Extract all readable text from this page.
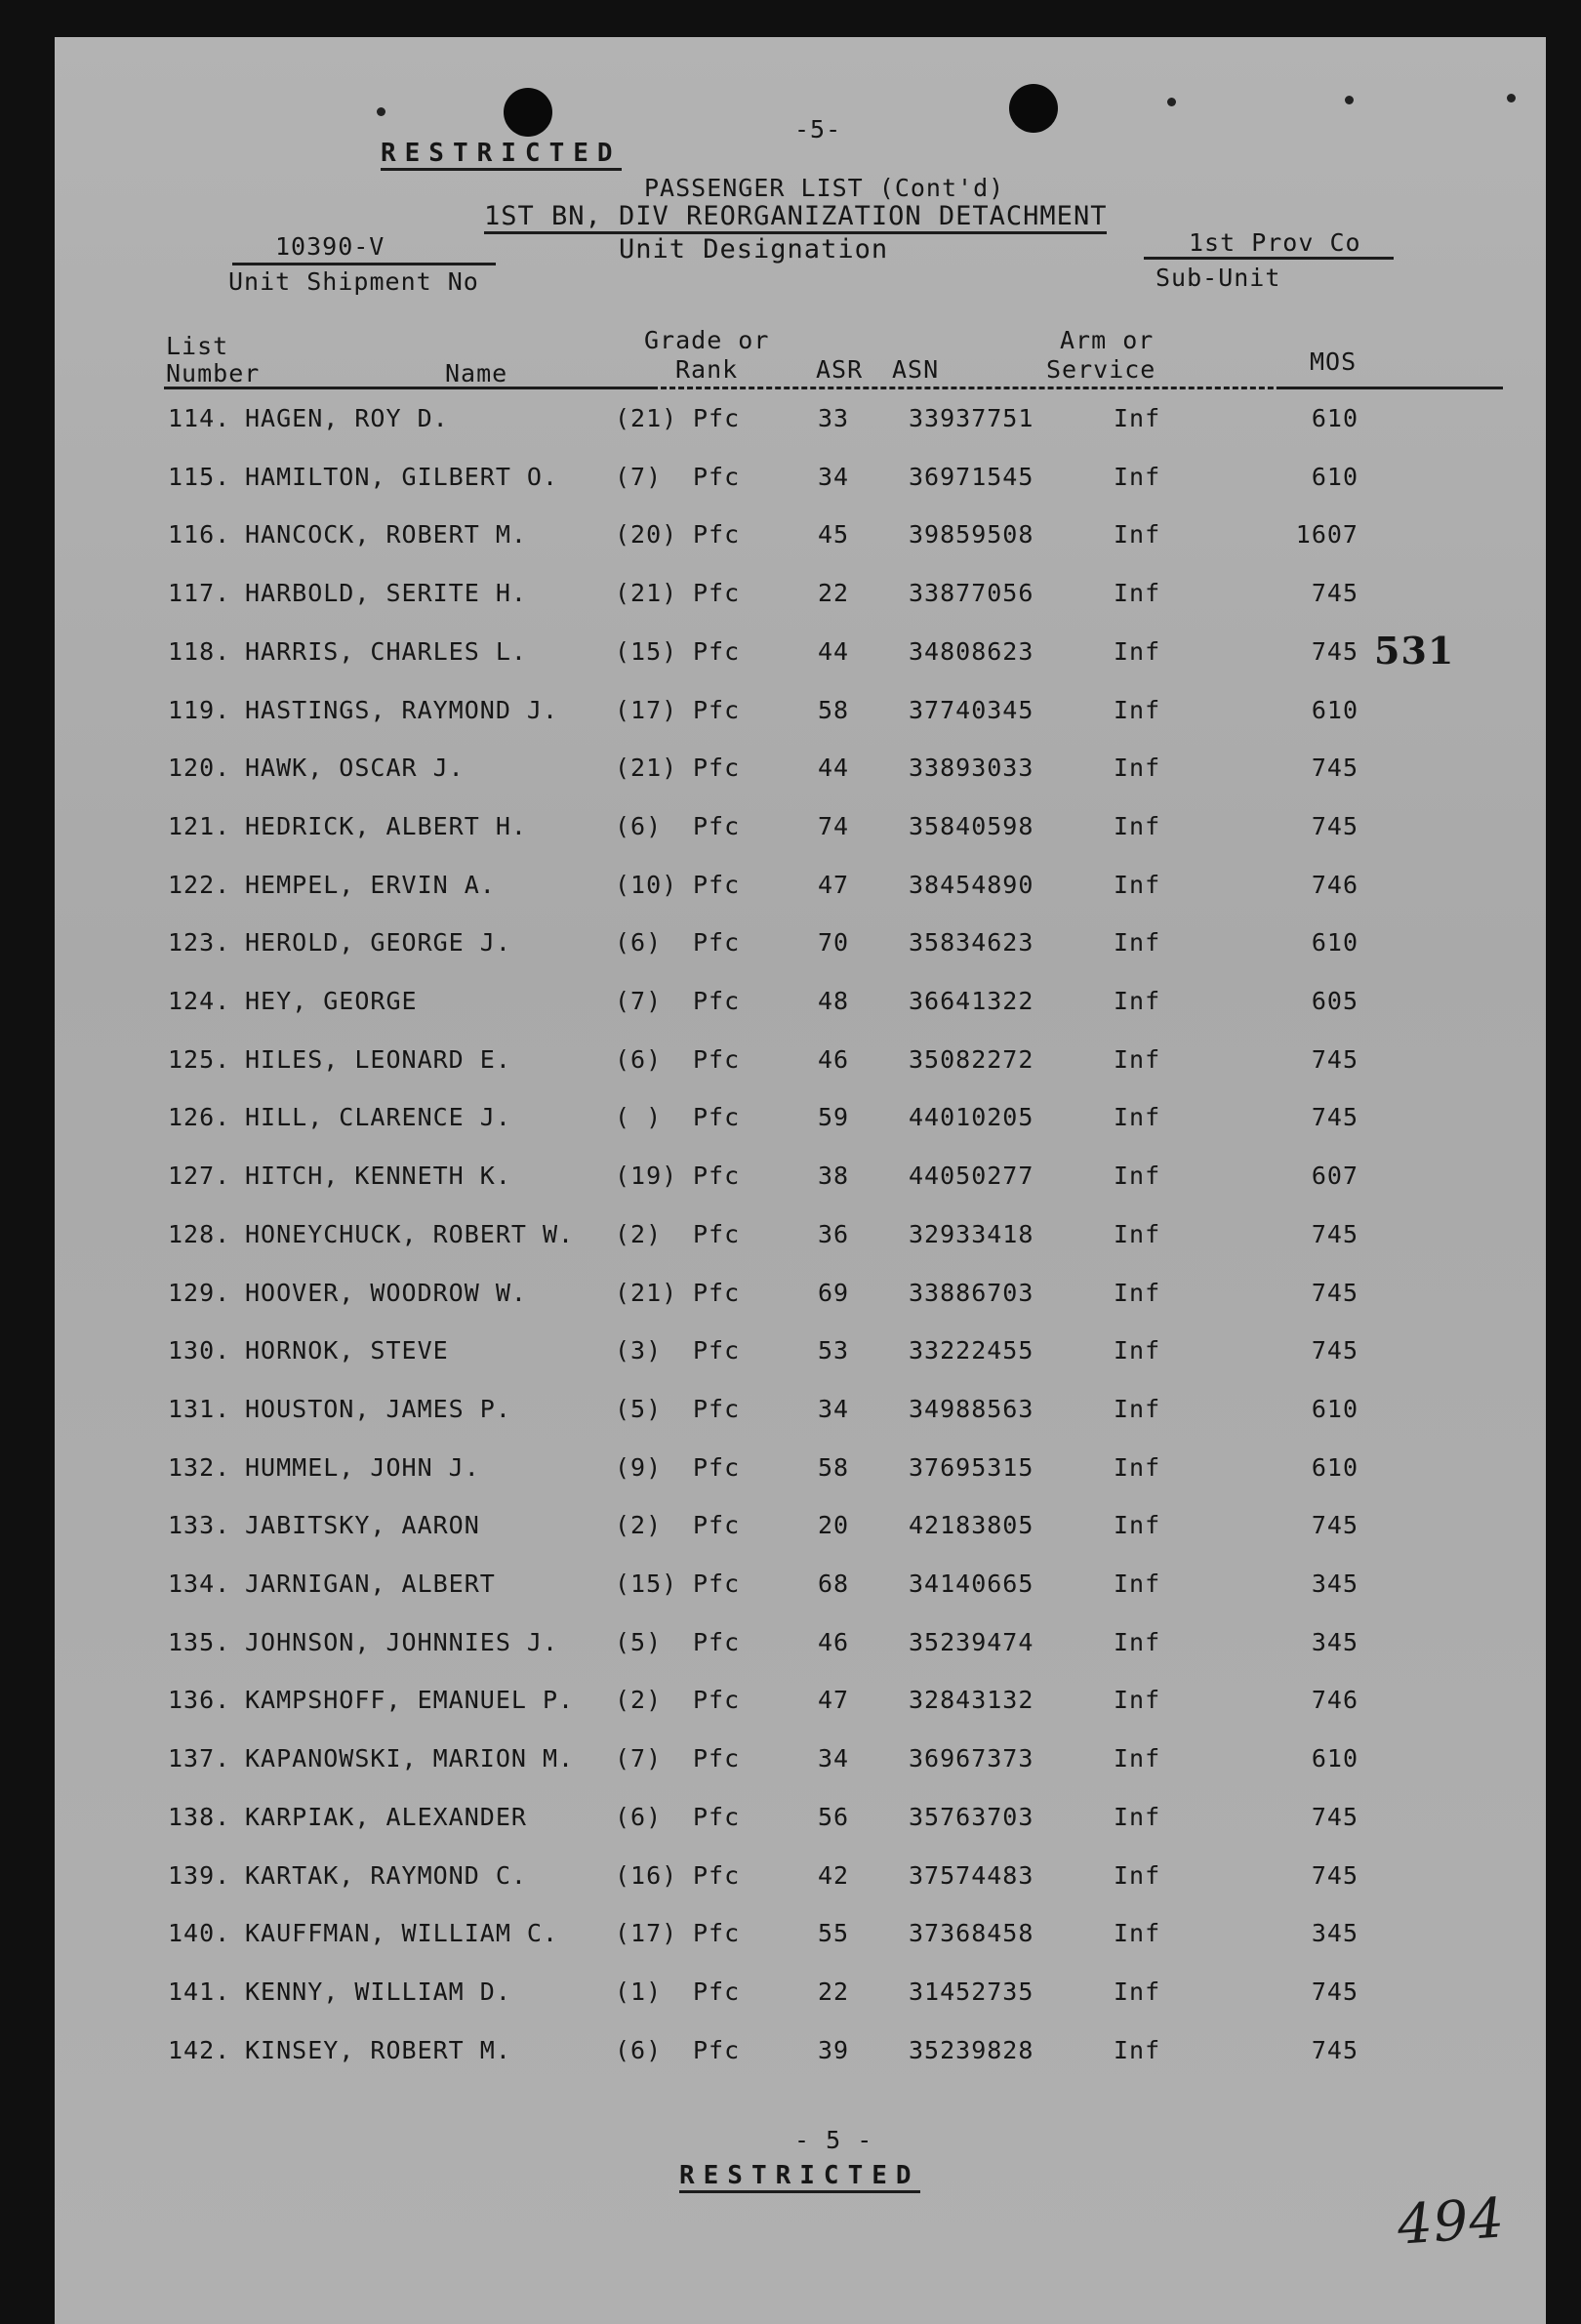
-5-
RESTRICTED
PASSENGER LIST (Cont'd)
1ST BN, DIV REORGANIZATION DETACHMENT
Unit Designation
10390-V
Unit Shipment No
1st Prov Co
Sub-Unit
List
Number	Name
Grade or
Rank	ASR ASN
Arm or
Service	MOS
114. HAGEN, ROY D.	(21) Pfc	33 33937751	Inf	610
115. HAMILTON, GILBERT O. (7) Pfc	34 36971545	Inf	610
116. HANCOCK, ROBERT M.	(20) Pfc	45 39859508	Inf	1607
117. HARBOLD, SERITE H.	(21) Pfc	22 33877056	Inf	745
118. HARRIS, CHARLES L.	(15) Pfc	44 34808623	Inf	745
119. HASTINGS, RAYMOND J. (17) Pfc	58 37740345	Inf	610
120. HAWK, OSCAR J.	(21) Pfc	44 33893033	Inf	745
121. HEDRICK, ALBERT H.	(6) Pfc	74 35840598	Inf	745
122. HEMPEL, ERVIN A.	(10) Pfc	47 38454890	Inf	746
123. HEROLD, GEORGE J.	(6) Pfc	70 35834623	Inf	610
124. HEY, GEORGE	(7) Pfc	48 36641322	Inf	605
125. HILES, LEONARD E.	(6) Pfc	46 35082272	Inf	745
126. HILL, CLARENCE J.	( ) Pfc	59 44010205	Inf	745
127. HITCH, KENNETH K.	(19) Pfc	38 44050277	Inf	607
128. HONEYCHUCK, ROBERT W. (2) Pfc	36 32933418	Inf	745
129. HOOVER, WOODROW W.	(21) Pfc	69 33886703	Inf	745
130. HORNOK, STEVE	(3) Pfc	53 33222455	Inf	745
131. HOUSTON, JAMES P.	(5) Pfc	34 34988563	Inf	610
132. HUMMEL, JOHN J.	(9) Pfc	58 37695315	Inf	610
133. JABITSKY, AARON	(2) Pfc	20 42183805	Inf	745
134. JARNIGAN, ALBERT	(15) Pfc	68 34140665	Inf	345
135. JOHNSON, JOHNNIES J. (5) Pfc	46 35239474	Inf	345
136. KAMPSHOFF, EMANUEL P. (2) Pfc	47 32843132	Inf	746
137. KAPANOWSKI, MARION M. (7) Pfc	34 36967373	Inf	610
138. KARPIAK, ALEXANDER	(6) Pfc	56 35763703	Inf	745
139. KARTAK, RAYMOND C.	(16) Pfc	42 37574483	Inf	745
140. KAUFFMAN, WILLIAM C. (17) Pfc	55 37368458	Inf	345
141. KENNY, WILLIAM D.	(1) Pfc	22 31452735	Inf	745
142. KINSEY, ROBERT M.	(6) Pfc	39 35239828	Inf	745
531
494
- 5 -
RESTRICTED
